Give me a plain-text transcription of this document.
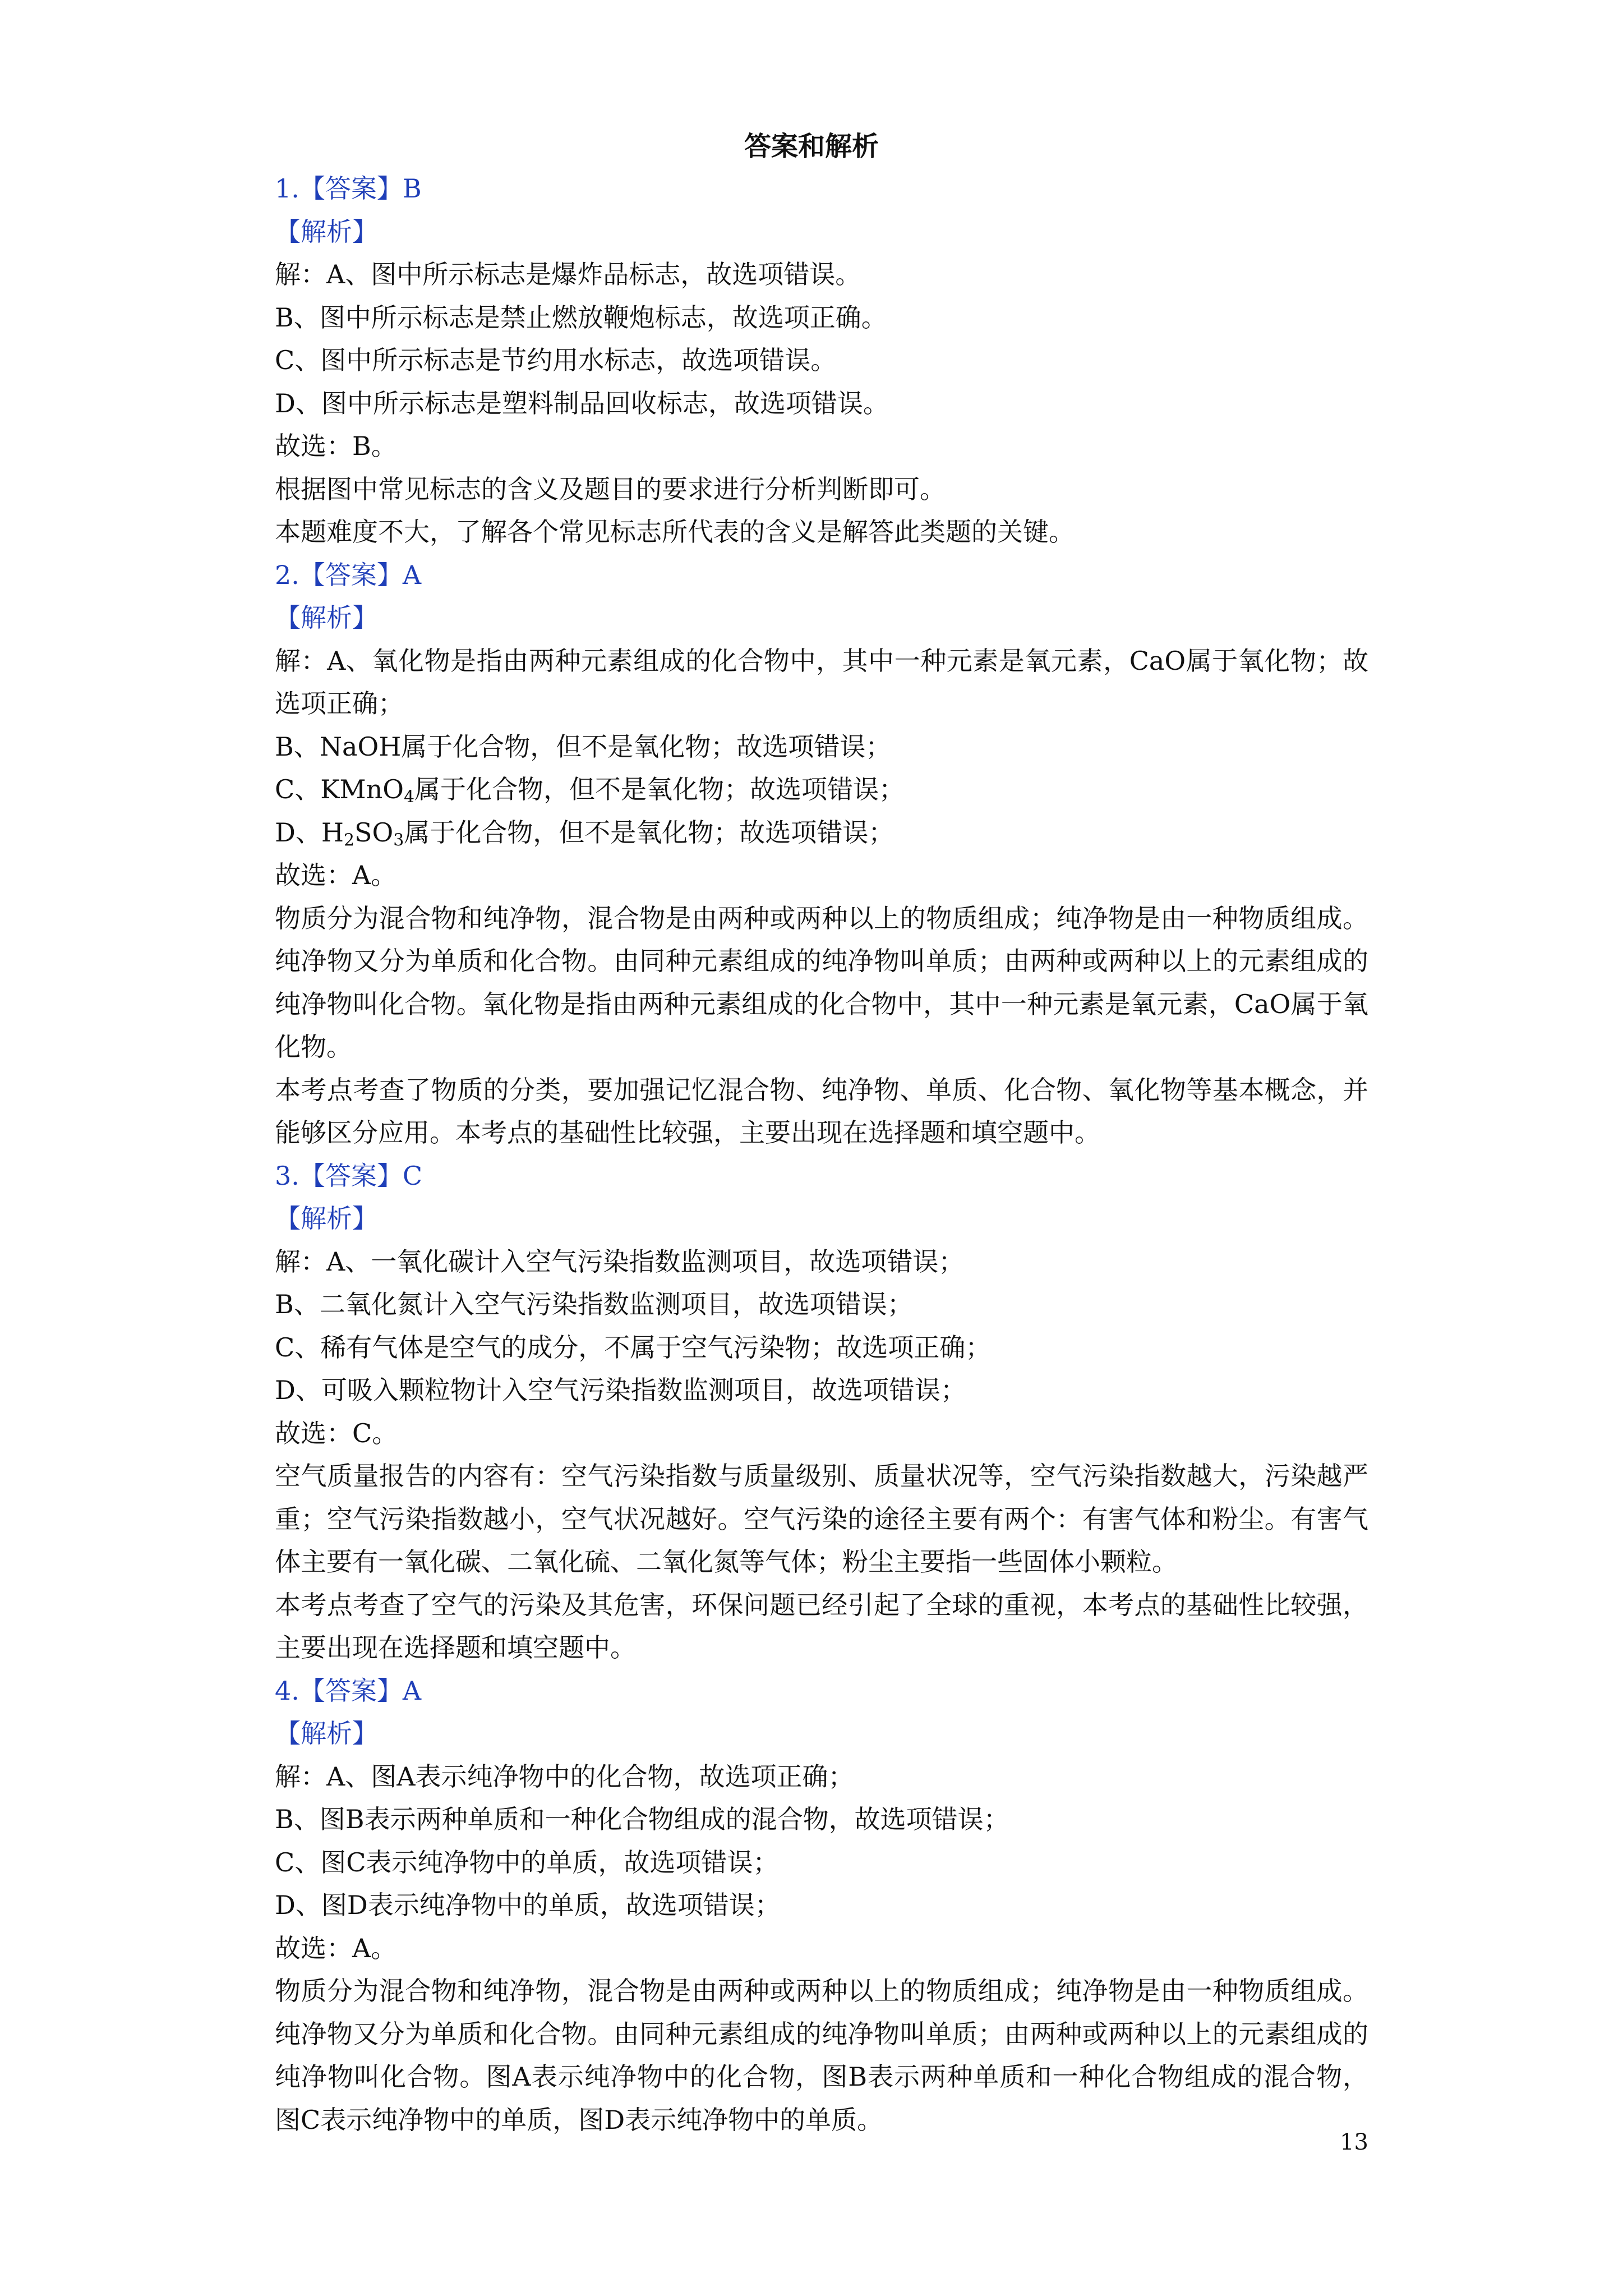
答案和解析

1.【答案】B

【解析】

解：A、图中所示标志是爆炸品标志，故选项错误。

B、图中所示标志是禁止燃放鞭炮标志，故选项正确。

C、图中所示标志是节约用水标志，故选项错误。

D、图中所示标志是塑料制品回收标志，故选项错误。

故选：B。

根据图中常见标志的含义及题目的要求进行分析判断即可。

本题难度不大，了解各个常见标志所代表的含义是解答此类题的关键。

2.【答案】A

【解析】

解：A、氧化物是指由两种元素组成的化合物中，其中一种元素是氧元素，CaO属于氧化物；故选项正确；

B、NaOH属于化合物，但不是氧化物；故选项错误；

C、KMnO$_4$属于化合物，但不是氧化物；故选项错误；

D、$H_2SO_3$属于化合物，但不是氧化物；故选项错误；

故选：A。

物质分为混合物和纯净物，混合物是由两种或两种以上的物质组成；纯净物是由一种物质组成。纯净物又分为单质和化合物。由同种元素组成的纯净物叫单质；由两种或两种以上的元素组成的纯净物叫化合物。氧化物是指由两种元素组成的化合物中，其中一种元素是氧元素，CaO属于氧化物。

本考点考查了物质的分类，要加强记忆混合物、纯净物、单质、化合物、氧化物等基本概念，并能够区分应用。本考点的基础性比较强，主要出现在选择题和填空题中。

3.【答案】C

【解析】

解：A、一氧化碳计入空气污染指数监测项目，故选项错误；

B、二氧化氮计入空气污染指数监测项目，故选项错误；

C、稀有气体是空气的成分，不属于空气污染物；故选项正确；

D、可吸入颗粒物计入空气污染指数监测项目，故选项错误；

故选：C。

空气质量报告的内容有：空气污染指数与质量级别、质量状况等，空气污染指数越大，污染越严重；空气污染指数越小，空气状况越好。空气污染的途径主要有两个：有害气体和粉尘。有害气体主要有一氧化碳、二氧化硫、二氧化氮等气体；粉尘主要指一些固体小颗粒。

本考点考查了空气的污染及其危害，环保问题已经引起了全球的重视，本考点的基础性比较强，主要出现在选择题和填空题中。

4.【答案】A

【解析】

解：A、图A表示纯净物中的化合物，故选项正确；

B、图B表示两种单质和一种化合物组成的混合物，故选项错误；

C、图C表示纯净物中的单质，故选项错误；

D、图D表示纯净物中的单质，故选项错误；

故选：A。

物质分为混合物和纯净物，混合物是由两种或两种以上的物质组成；纯净物是由一种物质组成。纯净物又分为单质和化合物。由同种元素组成的纯净物叫单质；由两种或两种以上的元素组成的纯净物叫化合物。图A表示纯净物中的化合物，图B表示两种单质和一种化合物组成的混合物，图C表示纯净物中的单质，图D表示纯净物中的单质。

13
